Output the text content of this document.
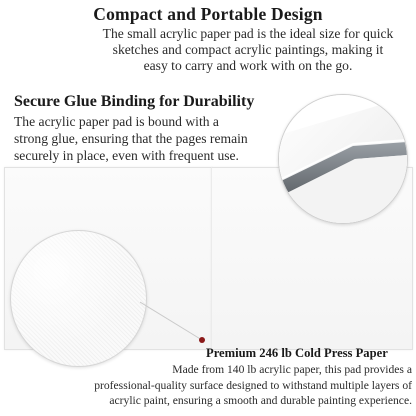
Compact and Portable Design
The small acrylic paper pad is the ideal size for quick
sketches and compact acrylic paintings, making it
easy to carry and work with on the go.
Secure Glue Binding for Durability
The acrylic paper pad is bound with a
strong glue, ensuring that the pages remain
securely in place, even with frequent use.
Premium 246 lb Cold Press Paper
Made from 140 lb acrylic paper, this pad provides a
professional-quality surface designed to withstand multiple layers of
acrylic paint, ensuring a smooth and durable painting experience.
